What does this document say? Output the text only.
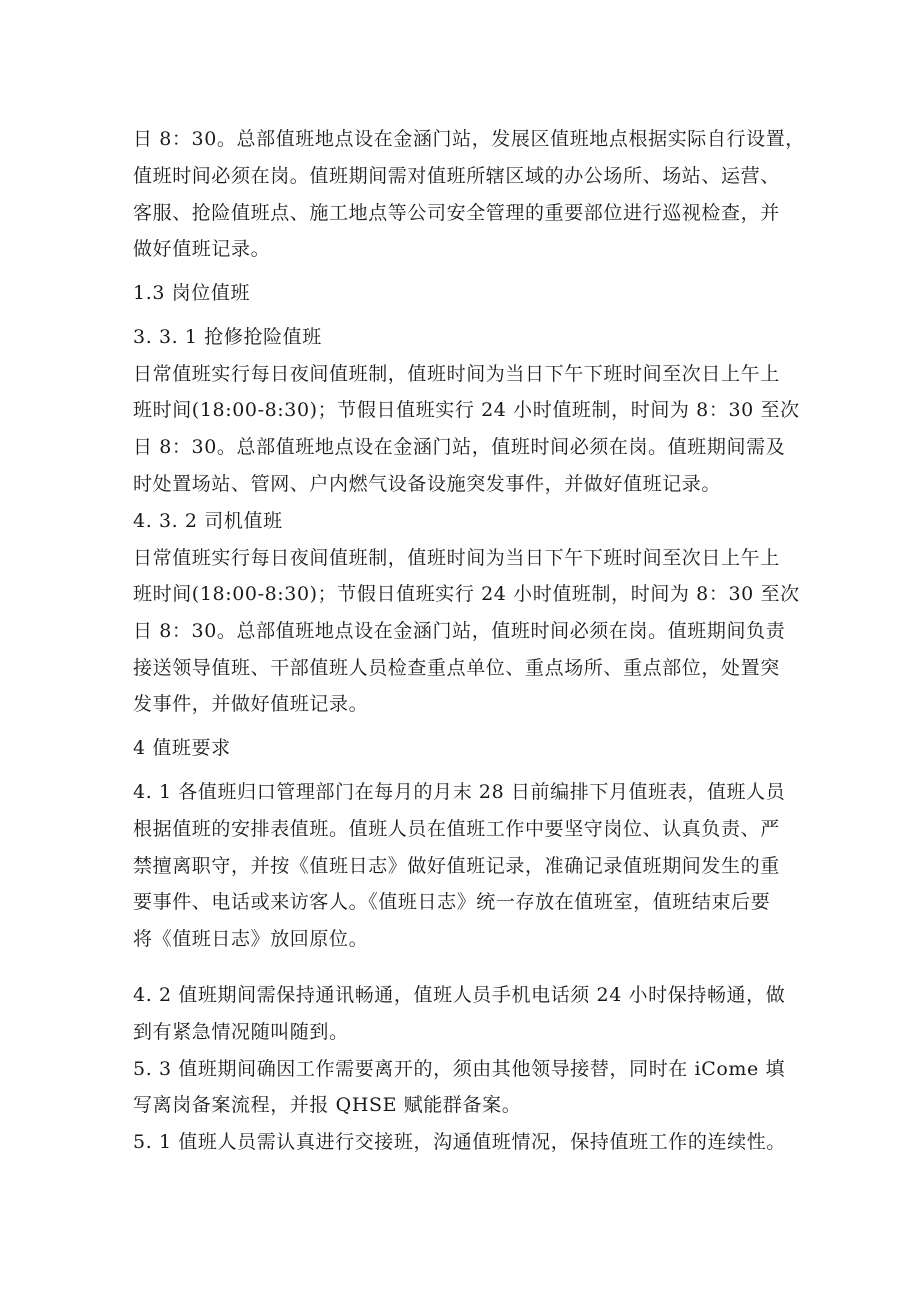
日 8：30。总部值班地点设在金涵门站，发展区值班地点根据实际自行设置，
值班时间必须在岗。值班期间需对值班所辖区域的办公场所、场站、运营、
客服、抢险值班点、施工地点等公司安全管理的重要部位进行巡视检查，并
做好值班记录。
1.3 岗位值班
3. 3. 1 抢修抢险值班
日常值班实行每日夜间值班制，值班时间为当日下午下班时间至次日上午上
班时间(18:00-8:30)；节假日值班实行 24 小时值班制，时间为 8：30 至次
日 8：30。总部值班地点设在金涵门站，值班时间必须在岗。值班期间需及
时处置场站、管网、户内燃气设备设施突发事件，并做好值班记录。
4. 3. 2 司机值班
日常值班实行每日夜间值班制，值班时间为当日下午下班时间至次日上午上
班时间(18:00-8:30)；节假日值班实行 24 小时值班制，时间为 8：30 至次
日 8：30。总部值班地点设在金涵门站，值班时间必须在岗。值班期间负责
接送领导值班、干部值班人员检查重点单位、重点场所、重点部位，处置突
发事件，并做好值班记录。
4 值班要求
4. 1 各值班归口管理部门在每月的月末 28 日前编排下月值班表，值班人员
根据值班的安排表值班。值班人员在值班工作中要坚守岗位、认真负责、严
禁擅离职守，并按《值班日志》做好值班记录，准确记录值班期间发生的重
要事件、电话或来访客人。《值班日志》统一存放在值班室，值班结束后要
将《值班日志》放回原位。
4. 2 值班期间需保持通讯畅通，值班人员手机电话须 24 小时保持畅通，做
到有紧急情况随叫随到。
5. 3 值班期间确因工作需要离开的，须由其他领导接替，同时在 iCome 填
写离岗备案流程，并报 QHSE 赋能群备案。
5. 1 值班人员需认真进行交接班，沟通值班情况，保持值班工作的连续性。
